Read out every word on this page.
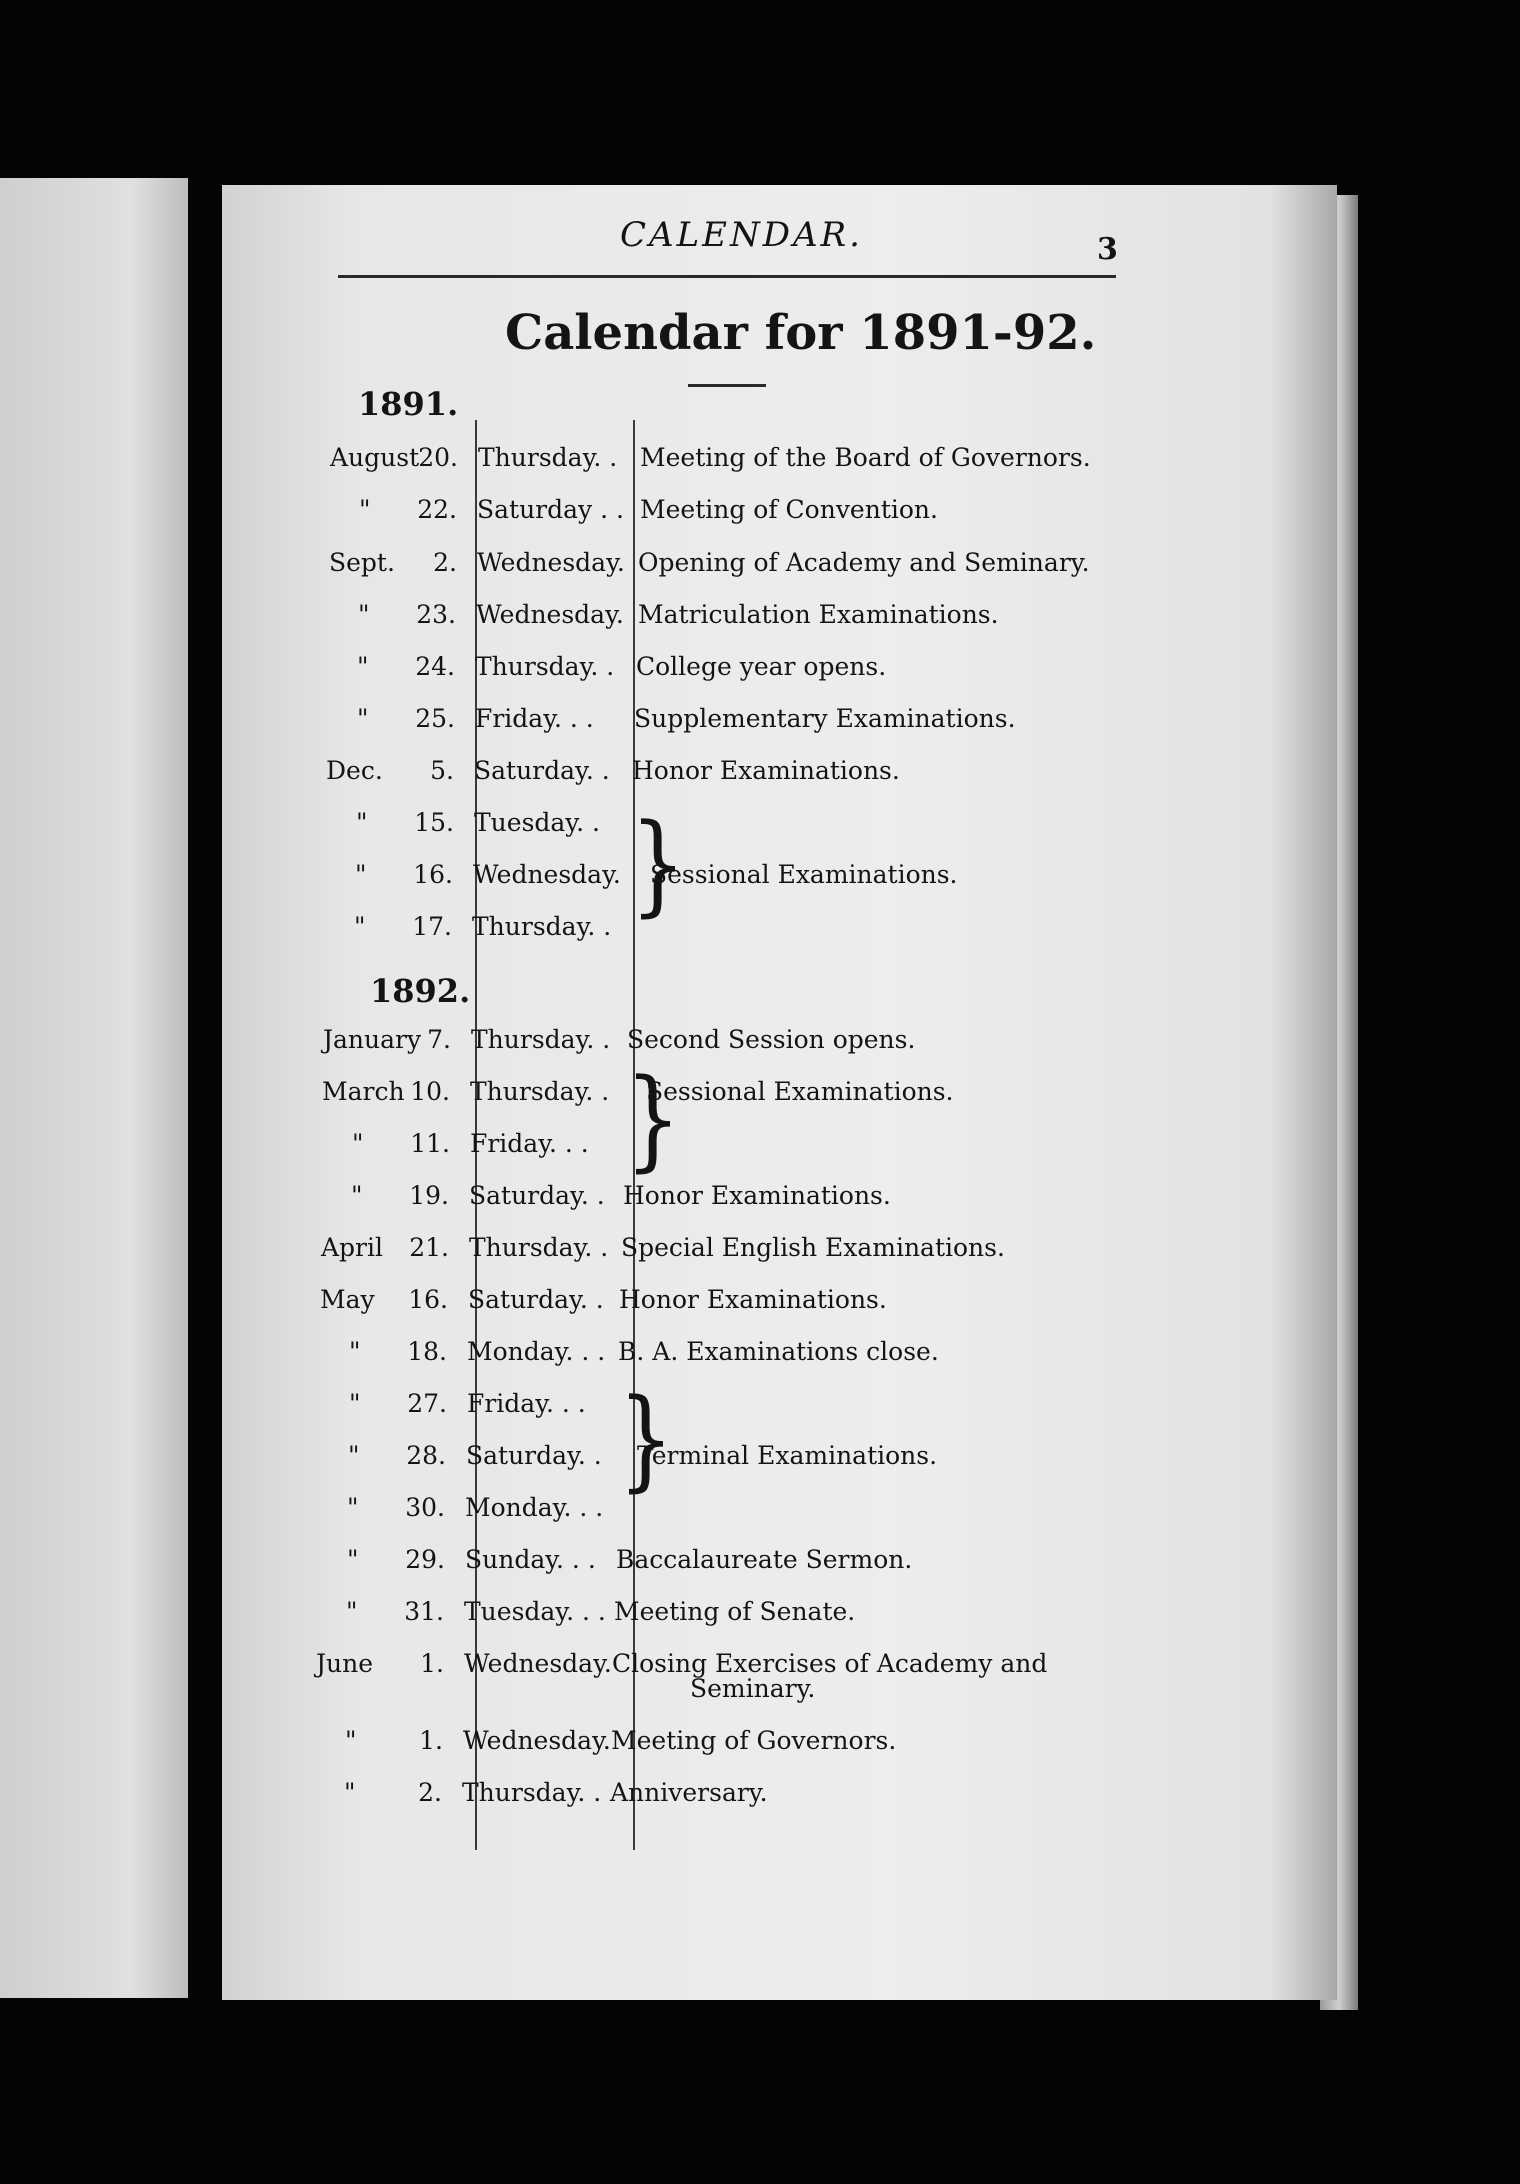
CALENDAR.	3
Calendar for 1891-92.
1891.
1892.
August 20. Thursday. . Meeting of the Board of Governors.
"	22. Saturday . . Meeting of Convention.
Sept.	2. Wednesday. Opening of Academy and Seminary.
"	23. Wednesday. Matriculation Examinations.
"	24. Thursday. . College year opens.
"	25. Friday. . . Supplementary Examinations.
Dec.	5. Saturday. . Honor Examinations.
"	15. Tuesday. .
"	16. Wednesday. Sessional Examinations.
"	17. Thursday. .
January 7. Thursday. . Second Session opens.
March 10. Thursday. . Sessional Examinations.
"	11. Friday. . .
"	19. Saturday. . Honor Examinations.
April	21. Thursday. . Special English Examinations.
May	16. Saturday. . Honor Examinations.
"	18. Monday. . . B. A. Examinations close.
"	27. Friday. . .
"	28. Saturday. . Terminal Examinations.
"	30. Monday. . .
"	29. Sunday. . . Baccalaureate Sermon.
"	31. Tuesday. . . Meeting of Senate.
June	1. Wednesday. Closing Exercises of Academy and
Seminary.
"	1. Wednesday. Meeting of Governors.
"	2. Thursday. . Anniversary.
}
}
}
